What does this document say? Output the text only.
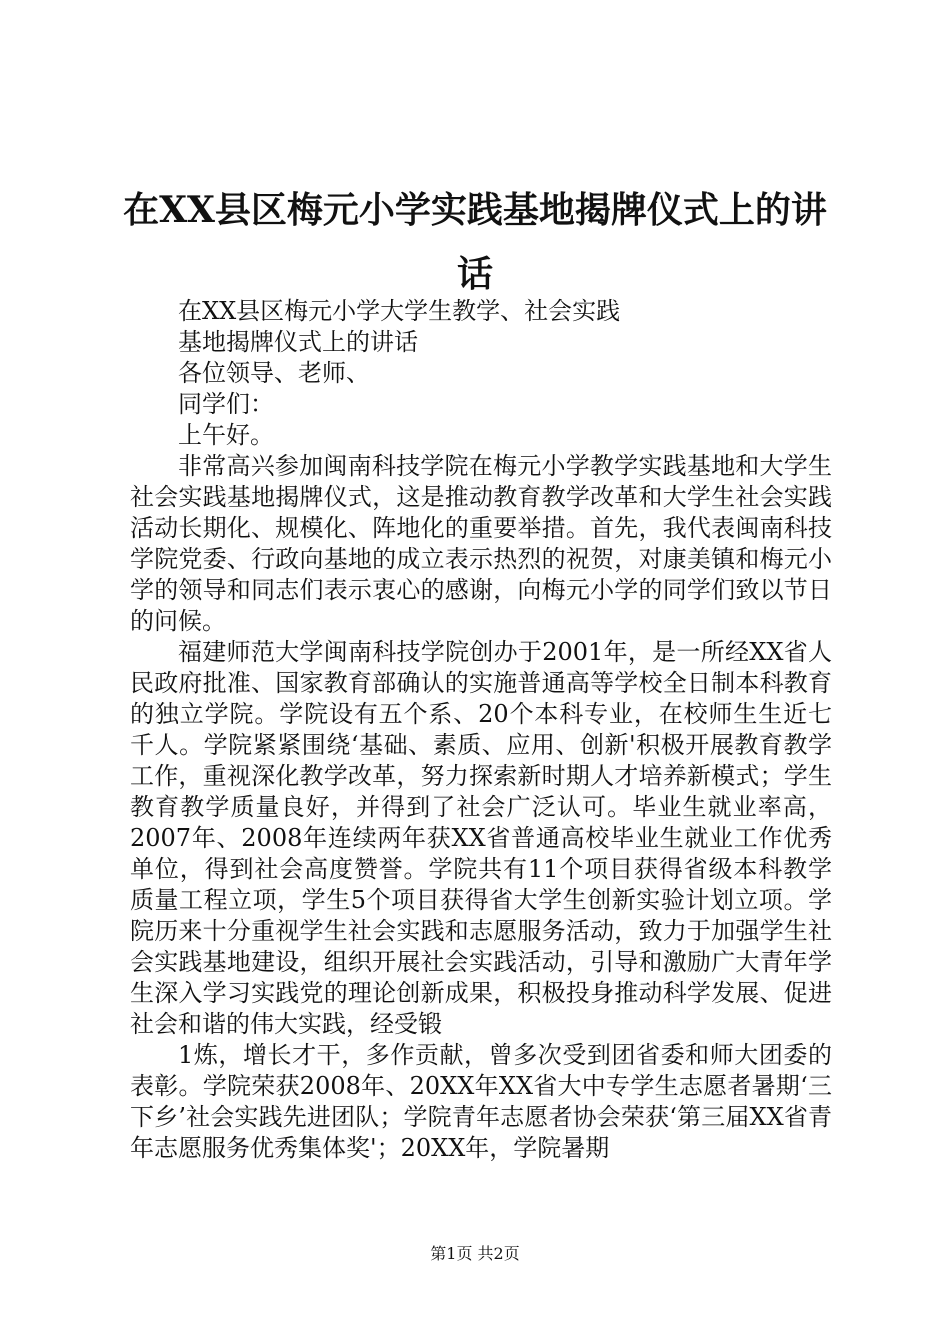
在XX县区梅元小学实践基地揭牌仪式上的讲话

在XX县区梅元小学大学生教学、社会实践

基地揭牌仪式上的讲话

各位领导、老师、

同学们：

上午好。

非常高兴参加闽南科技学院在梅元小学教学实践基地和大学生社会实践基地揭牌仪式，这是推动教育教学改革和大学生社会实践活动长期化、规模化、阵地化的重要举措。首先，我代表闽南科技学院党委、行政向基地的成立表示热烈的祝贺，对康美镇和梅元小学的领导和同志们表示衷心的感谢，向梅元小学的同学们致以节日的问候。

福建师范大学闽南科技学院创办于2001年，是一所经XX省人民政府批准、国家教育部确认的实施普通高等学校全日制本科教育的独立学院。学院设有五个系、20个本科专业，在校师生生近七千人。学院紧紧围绕‘基础、素质、应用、创新'积极开展教育教学工作，重视深化教学改革，努力探索新时期人才培养新模式；学生教育教学质量良好，并得到了社会广泛认可。毕业生就业率高，2007年、2008年连续两年获XX省普通高校毕业生就业工作优秀单位，得到社会高度赞誉。学院共有11个项目获得省级本科教学质量工程立项，学生5个项目获得省大学生创新实验计划立项。学院历来十分重视学生社会实践和志愿服务活动，致力于加强学生社会实践基地建设，组织开展社会实践活动，引导和激励广大青年学生深入学习实践党的理论创新成果，积极投身推动科学发展、促进社会和谐的伟大实践，经受锻

1炼，增长才干，多作贡献，曾多次受到团省委和师大团委的表彰。学院荣获2008年、20XX年XX省大中专学生志愿者暑期‘三下乡’社会实践先进团队；学院青年志愿者协会荣获‘第三届XX省青年志愿服务优秀集体奖'；20XX年，学院暑期

第1页 共2页
